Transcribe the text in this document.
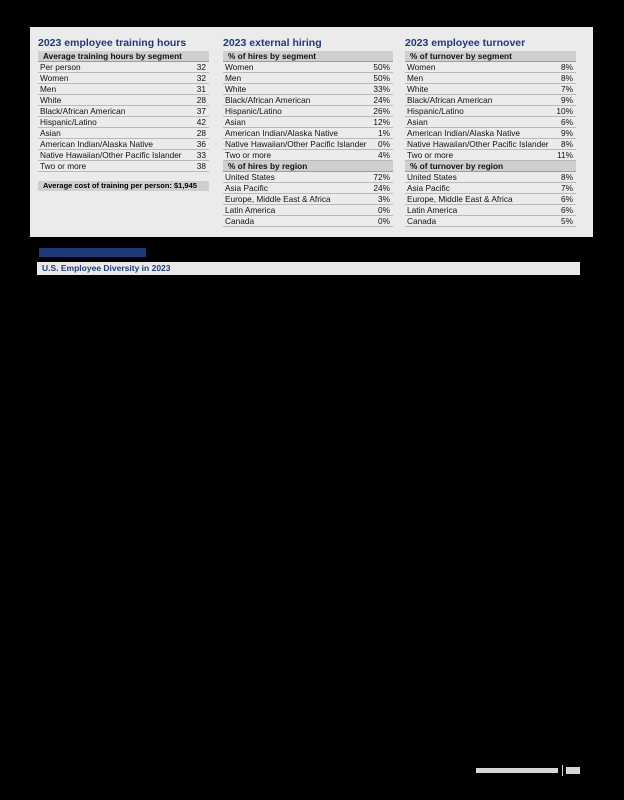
2023 employee training hours
Average training hours by segment
Per person	32
Women	32
Men	31
White	28
Black/African American	37
Hispanic/Latino	42
Asian	28
American Indian/Alaska Native	36
Native Hawaiian/Other Pacific Islander 33
Two or more	38
Average cost of training per person: $1,945
2023 external hiring
% of hires by segment
Women	50%
Men	50%
White	33%
Black/African American	24%
Hispanic/Latino	26%
Asian	12%
American Indian/Alaska Native	1%
Native Hawaiian/Other Pacific Islander 0%
Two or more	4%
% of hires by region
United States	72%
Asia Pacific	24%
Europe, Middle East & Africa	3%
Latin America	0%
Canada	0%
2023 employee turnover
% of turnover by segment
Women	8%
Men	8%
White	7%
Black/African American	9%
Hispanic/Latino	10%
Asian	6%
American Indian/Alaska Native	9%
Native Hawaiian/Other Pacific Islander 8%
Two or more	11%
% of turnover by region
United States	8%
Asia Pacific	7%
Europe, Middle East & Africa	6%
Latin America	6%
Canada	5%

U.S. Employee Diversity in 2023
